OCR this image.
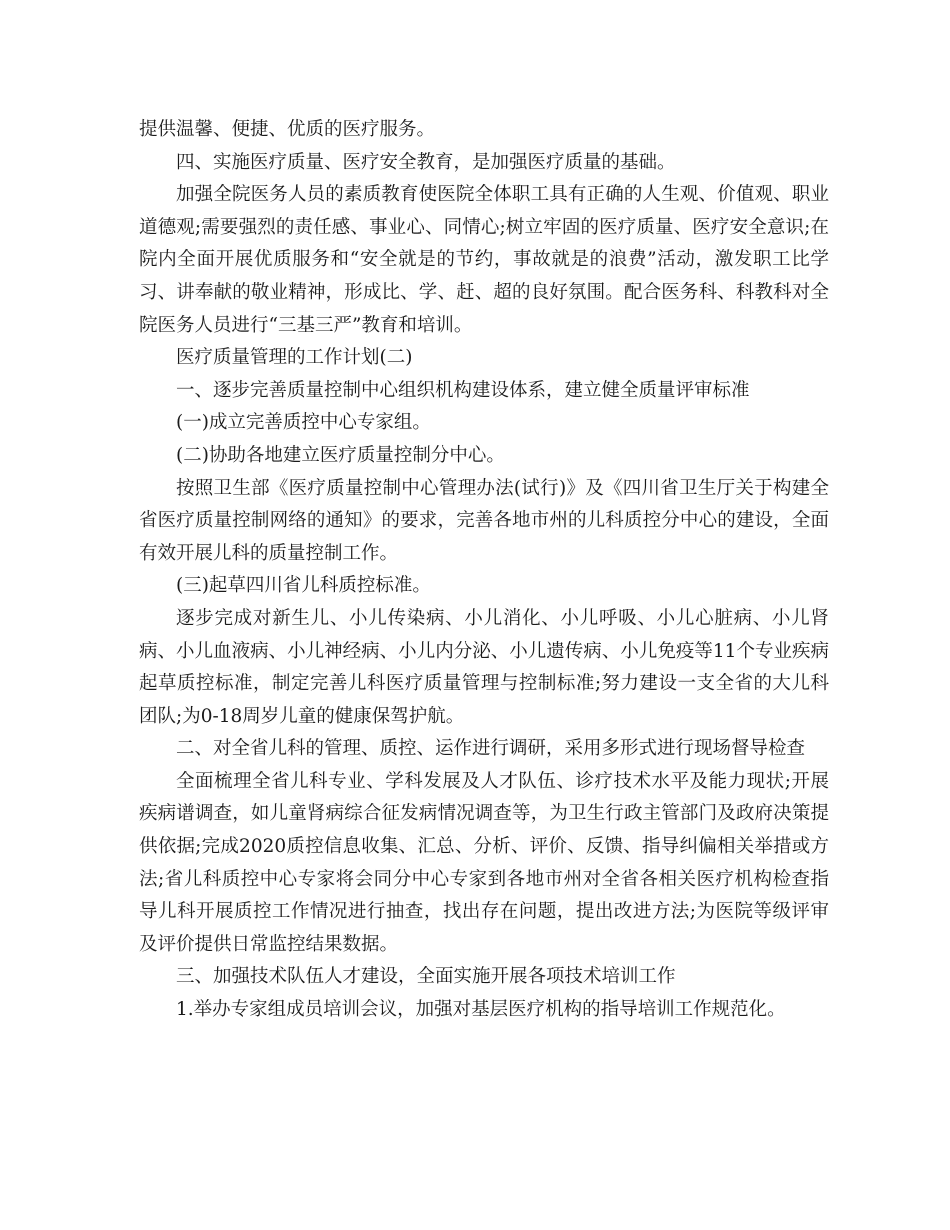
提供温馨、便捷、优质的医疗服务。

四、实施医疗质量、医疗安全教育，是加强医疗质量的基础。

加强全院医务人员的素质教育使医院全体职工具有正确的人生观、价值观、职业道德观;需要强烈的责任感、事业心、同情心;树立牢固的医疗质量、医疗安全意识;在院内全面开展优质服务和“安全就是的节约，事故就是的浪费”活动，激发职工比学习、讲奉献的敬业精神，形成比、学、赶、超的良好氛围。配合医务科、科教科对全院医务人员进行“三基三严”教育和培训。

医疗质量管理的工作计划(二)

一、逐步完善质量控制中心组织机构建设体系，建立健全质量评审标准

(一)成立完善质控中心专家组。

(二)协助各地建立医疗质量控制分中心。

按照卫生部《医疗质量控制中心管理办法(试行)》及《四川省卫生厅关于构建全省医疗质量控制网络的通知》的要求，完善各地市州的儿科质控分中心的建设，全面有效开展儿科的质量控制工作。

(三)起草四川省儿科质控标准。

逐步完成对新生儿、小儿传染病、小儿消化、小儿呼吸、小儿心脏病、小儿肾病、小儿血液病、小儿神经病、小儿内分泌、小儿遗传病、小儿免疫等11个专业疾病起草质控标准，制定完善儿科医疗质量管理与控制标准;努力建设一支全省的大儿科团队;为0-18周岁儿童的健康保驾护航。

二、对全省儿科的管理、质控、运作进行调研，采用多形式进行现场督导检查

全面梳理全省儿科专业、学科发展及人才队伍、诊疗技术水平及能力现状;开展疾病谱调查，如儿童肾病综合征发病情况调查等，为卫生行政主管部门及政府决策提供依据;完成2020质控信息收集、汇总、分析、评价、反馈、指导纠偏相关举措或方法;省儿科质控中心专家将会同分中心专家到各地市州对全省各相关医疗机构检查指导儿科开展质控工作情况进行抽查，找出存在问题，提出改进方法;为医院等级评审及评价提供日常监控结果数据。

三、加强技术队伍人才建设，全面实施开展各项技术培训工作

1.举办专家组成员培训会议，加强对基层医疗机构的指导培训工作规范化。
